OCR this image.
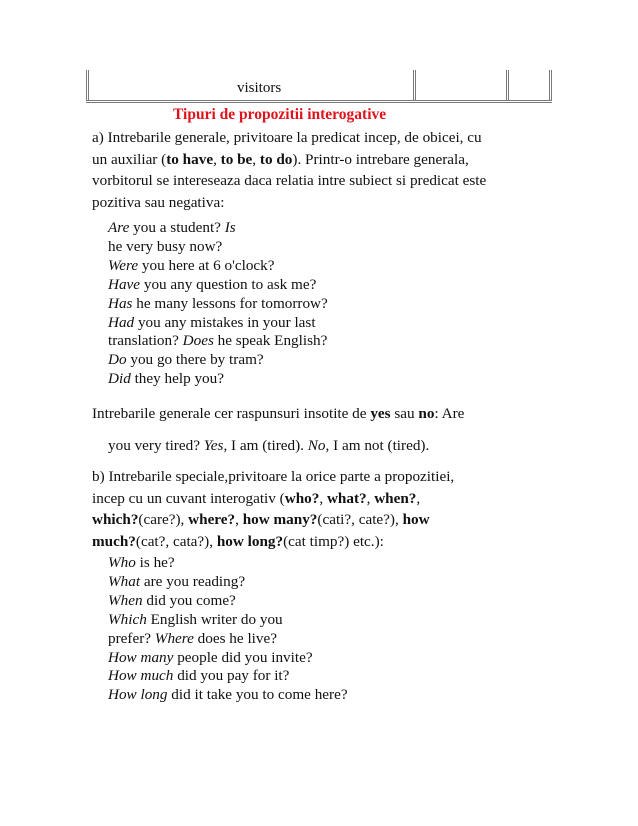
visitors
Tipuri de propozitii interogative
a) Intrebarile generale, privitoare la predicat incep, de obicei, cu
un auxiliar (to have, to be, to do). Printr-o intrebare generala,
vorbitorul se intereseaza daca relatia intre subiect si predicat este
pozitiva sau negativa:
Are you a student? Is
he very busy now?
Were you here at 6 o'clock?
Have you any question to ask me?
Has he many lessons for tomorrow?
Had you any mistakes in your last
translation? Does he speak English?
Do you go there by tram?
Did they help you?
Intrebarile generale cer raspunsuri insotite de yes sau no: Are
you very tired? Yes, I am (tired). No, I am not (tired).
b) Intrebarile speciale,privitoare la orice parte a propozitiei,
incep cu un cuvant interogativ (who?, what?, when?,
which?(care?), where?, how many?(cati?, cate?), how
much?(cat?, cata?), how long?(cat timp?) etc.):
Who is he?
What are you reading?
When did you come?
Which English writer do you
prefer? Where does he live?
How many people did you invite?
How much did you pay for it?
How long did it take you to come here?
